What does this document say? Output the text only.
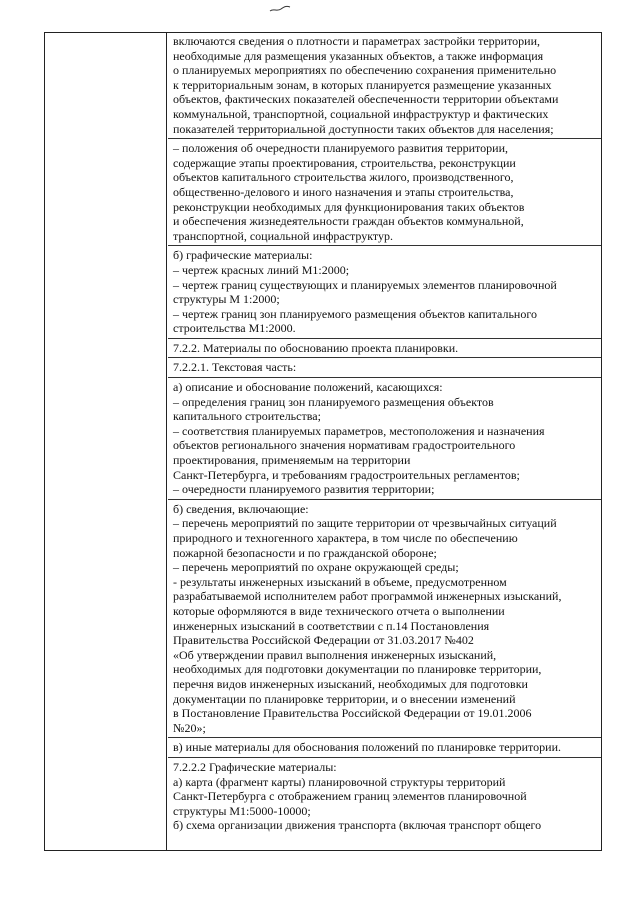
включаются сведения о плотности и параметрах застройки территории,
необходимые для размещения указанных объектов, а также информация
о планируемых мероприятиях по обеспечению сохранения применительно
к территориальным зонам, в которых планируется размещение указанных
объектов, фактических показателей обеспеченности территории объектами
коммунальной, транспортной, социальной инфраструктур и фактических
показателей территориальной доступности таких объектов для населения;
– положения об очередности планируемого развития территории,
содержащие этапы проектирования, строительства, реконструкции
объектов капитального строительства жилого, производственного,
общественно-делового и иного назначения и этапы строительства,
реконструкции необходимых для функционирования таких объектов
и обеспечения жизнедеятельности граждан объектов коммунальной,
транспортной, социальной инфраструктур.
б) графические материалы:
– чертеж красных линий М1:2000;
– чертеж границ существующих и планируемых элементов планировочной
структуры М 1:2000;
– чертеж границ зон планируемого размещения объектов капитального
строительства М1:2000.
7.2.2. Материалы по обоснованию проекта планировки.
7.2.2.1. Текстовая часть:
а) описание и обоснование положений, касающихся:
– определения границ зон планируемого размещения объектов
капитального строительства;
– соответствия планируемых параметров, местоположения и назначения
объектов регионального значения нормативам градостроительного
проектирования, применяемым на территории
Санкт-Петербурга, и требованиям градостроительных регламентов;
– очередности планируемого развития территории;
б) сведения, включающие:
– перечень мероприятий по защите территории от чрезвычайных ситуаций
природного и техногенного характера, в том числе по обеспечению
пожарной безопасности и по гражданской обороне;
– перечень мероприятий по охране окружающей среды;
- результаты инженерных изысканий в объеме, предусмотренном
разрабатываемой исполнителем работ программой инженерных изысканий,
которые оформляются в виде технического отчета о выполнении
инженерных изысканий в соответствии с п.14 Постановления
Правительства Российской Федерации от 31.03.2017 №402
«Об утверждении правил выполнения инженерных изысканий,
необходимых для подготовки документации по планировке территории,
перечня видов инженерных изысканий, необходимых для подготовки
документации по планировке территории, и о внесении изменений
в Постановление Правительства Российской Федерации от 19.01.2006
№20»;
в) иные материалы для обоснования положений по планировке территории.
7.2.2.2 Графические материалы:
а) карта (фрагмент карты) планировочной структуры территорий
Санкт-Петербурга с отображением границ элементов планировочной
структуры М1:5000-10000;
б) схема организации движения транспорта (включая транспорт общего
